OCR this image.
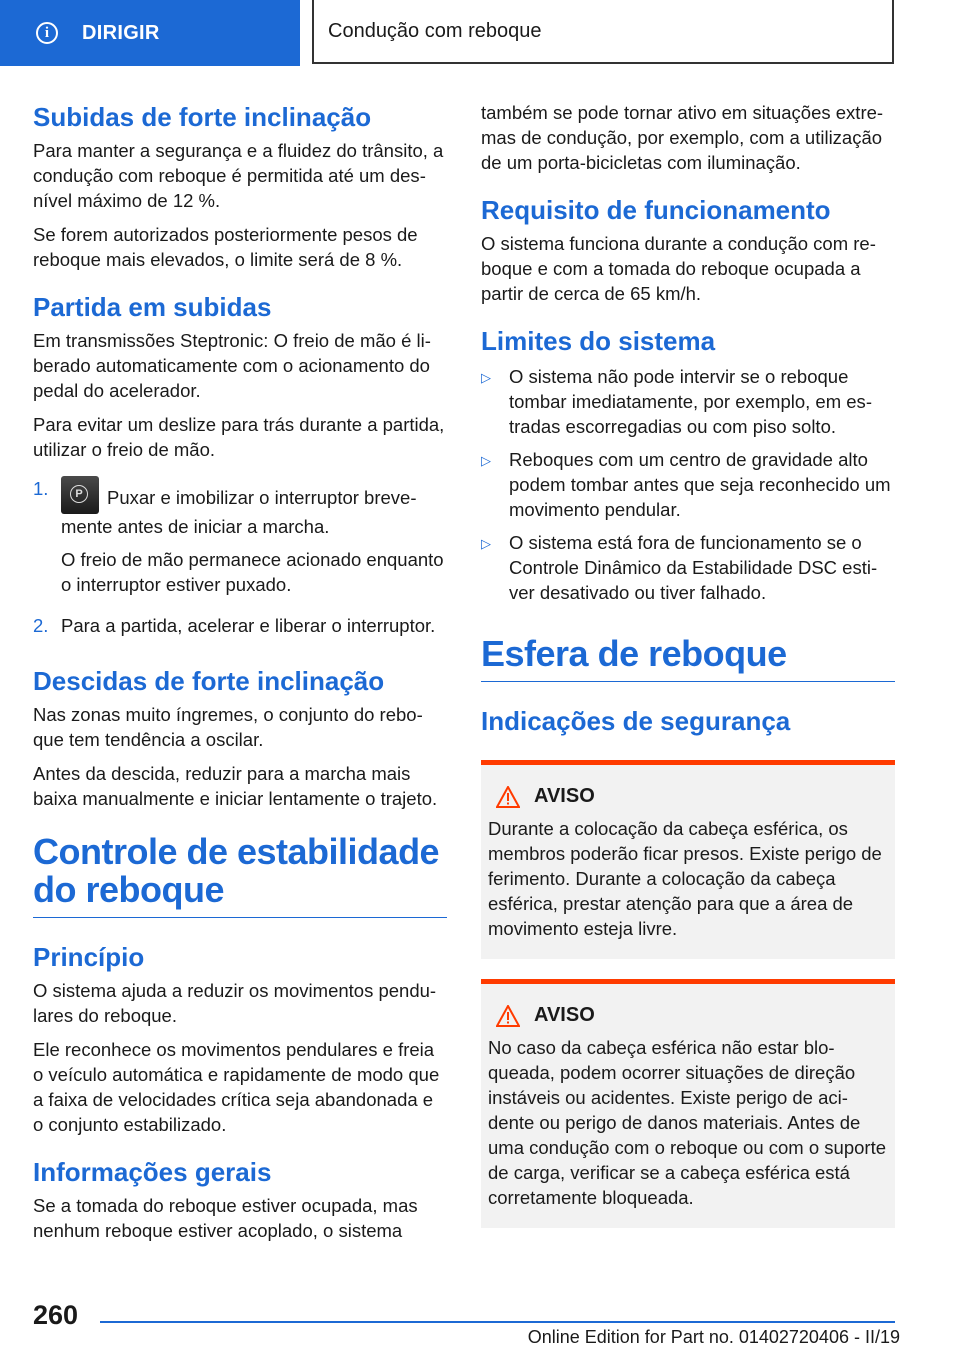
i	DIRIGIR	Condução com reboque
Subidas de forte inclinação

Para manter a segurança e a fluidez do trânsito, a condução com reboque é permitida até um desnível máximo de 12 %.

Se forem autorizados posteriormente pesos de reboque mais elevados, o limite será de 8 %.

Partida em subidas

Em transmissões Steptronic: O freio de mão é liberado automaticamente com o acionamento do pedal do acelerador.

Para evitar um deslize para trás durante a partida, utilizar o freio de mão.

1.	P Puxar e imobilizar o interruptor brevemente antes de iniciar a marcha.

O freio de mão permanece acionado enquanto o interruptor estiver puxado.

2. Para a partida, acelerar e liberar o interruptor.

Descidas de forte inclinação

Nas zonas muito íngremes, o conjunto do reboque tem tendência a oscilar.

Antes da descida, reduzir para a marcha mais baixa manualmente e iniciar lentamente o trajeto.

Controle de estabilidade do reboque
Princípio

O sistema ajuda a reduzir os movimentos pendulares do reboque.

Ele reconhece os movimentos pendulares e freia o veículo automática e rapidamente de modo que a faixa de velocidades crítica seja abandonada e o conjunto estabilizado.

Informações gerais

Se a tomada do reboque estiver ocupada, mas nenhum reboque estiver acoplado, o sistema

também se pode tornar ativo em situações extremas de condução, por exemplo, com a utilização de um porta-bicicletas com iluminação.

Requisito de funcionamento

O sistema funciona durante a condução com reboque e com a tomada do reboque ocupada a partir de cerca de 65 km/h.

Limites do sistema
▷ O sistema não pode intervir se o reboque tombar imediatamente, por exemplo, em estradas escorregadias ou com piso solto.
▷ Reboques com um centro de gravidade alto podem tombar antes que seja reconhecido um movimento pendular.
▷ O sistema está fora de funcionamento se o Controle Dinâmico da Estabilidade DSC estiver desativado ou tiver falhado.
Esfera de reboque
Indicações de segurança
AVISO

Durante a colocação da cabeça esférica, os membros poderão ficar presos. Existe perigo de ferimento. Durante a colocação da cabeça esférica, prestar atenção para que a área de movimento esteja livre.

AVISO

No caso da cabeça esférica não estar bloqueada, podem ocorrer situações de direção instáveis ou acidentes. Existe perigo de acidente ou perigo de danos materiais. Antes de uma condução com o reboque ou com o suporte de carga, verificar se a cabeça esférica está corretamente bloqueada.

260
Online Edition for Part no. 01402720406 - II/19
